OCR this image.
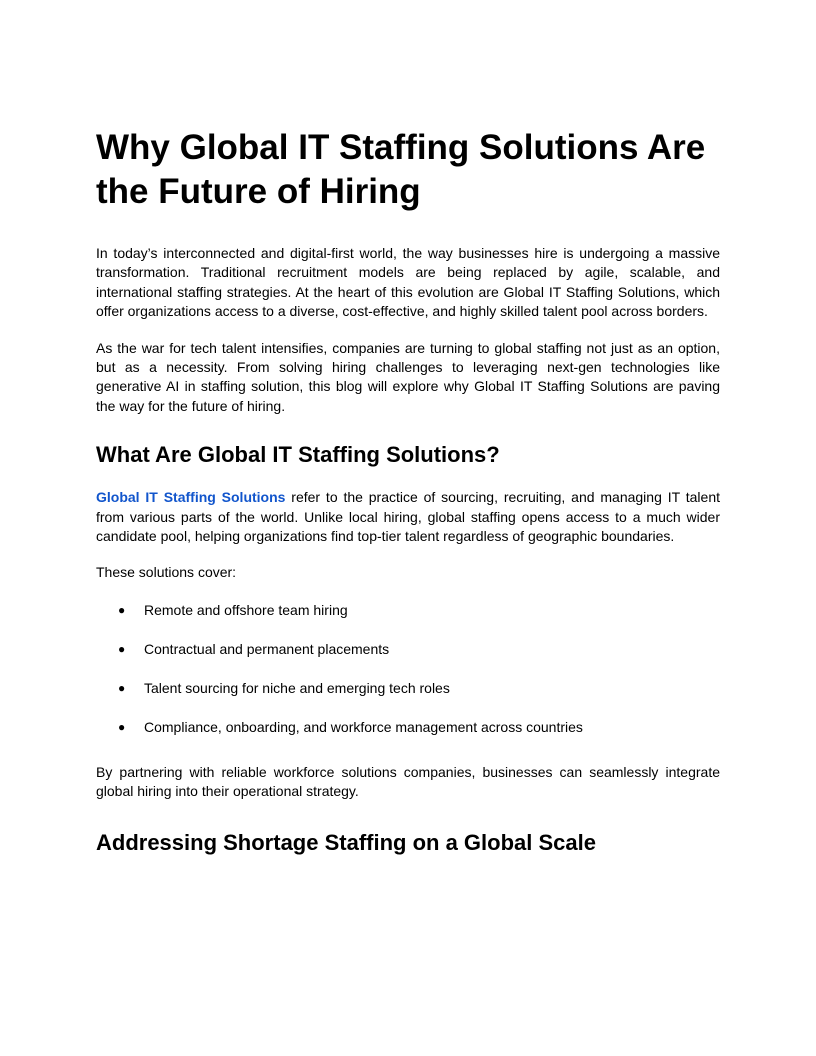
Why Global IT Staffing Solutions Are the Future of Hiring

In today’s interconnected and digital-first world, the way businesses hire is undergoing a massive transformation. Traditional recruitment models are being replaced by agile, scalable, and international staffing strategies. At the heart of this evolution are Global IT Staffing Solutions, which offer organizations access to a diverse, cost-effective, and highly skilled talent pool across borders.

As the war for tech talent intensifies, companies are turning to global staffing not just as an option, but as a necessity. From solving hiring challenges to leveraging next-gen technologies like generative AI in staffing solution, this blog will explore why Global IT Staffing Solutions are paving the way for the future of hiring.

What Are Global IT Staffing Solutions?

Global IT Staffing Solutions refer to the practice of sourcing, recruiting, and managing IT talent from various parts of the world. Unlike local hiring, global staffing opens access to a much wider candidate pool, helping organizations find top-tier talent regardless of geographic boundaries.

These solutions cover:

● Remote and offshore team hiring
● Contractual and permanent placements
● Talent sourcing for niche and emerging tech roles
● Compliance, onboarding, and workforce management across countries

By partnering with reliable workforce solutions companies, businesses can seamlessly integrate global hiring into their operational strategy.

Addressing Shortage Staffing on a Global Scale
